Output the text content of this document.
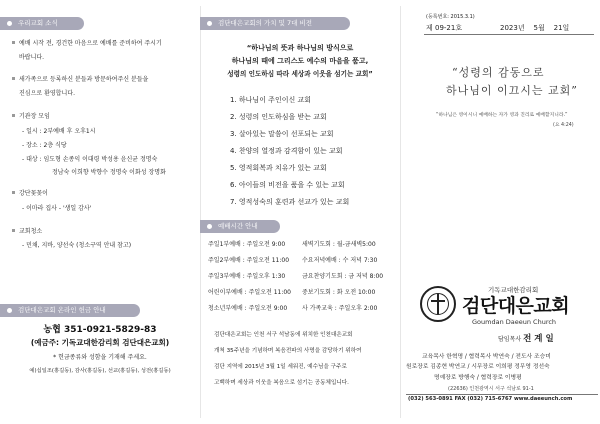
우리교회 소식
예배 시작 전, 경건한 마음으로 예배를 준비하여 주시기
바랍니다.
새가족으로 등록하신 분들과 방문하여주신 분들을
진심으로 환영합니다.
기관장 모임
- 일시 : 2부예배 후 오후1시
- 장소 : 2층 식당
- 대상 : 임도형 손종익 이대령 박성용 윤신균 정명숙
정남숙 이희향 박향수 정명숙 이화성 장명화
강단꽃꽂이
- 이마라 집사 - '생일 감사'
교회청소
- 민채, 지바, 양선숙 (청소구역 안내 참고)
검단대은교회 온라인 헌금 안내
농협 351-0921-5829-83
(예금주: 기독교대한감리회 검단대은교회)
* 헌금종류와 성함을 기재해 주세요.
예)십일조(홍길동), 감사(홍길동), 선교(홍길동), 성전(홍길동)
검단대은교회의 가치 및 7대 비전
“하나님의 뜻과 하나님의 방식으로
하나님의 때에 그리스도 예수의 마음을 품고,
성령의 인도하심 따라 세상과 이웃을 섬기는 교회”
1. 하나님이 주인이신 교회
2. 성령의 인도하심을 받는 교회
3. 살아있는 말씀이 선포되는 교회
4. 찬양의 열정과 감격함이 있는 교회
5. 영적회복과 치유가 있는 교회
6. 아이들의 비전을 품을 수 있는 교회
7. 영적성숙의 훈련과 선교가 있는 교회
예배시간 안내
주일1부예배 : 주일오전 9:00	새벽기도회 : 월-금새벽5:00
주일2부예배 : 주일오전 11:00 수요저녁예배 : 수 저녁 7:30
주일3부예배 : 주일오후 1:30	금요찬양기도회 : 금 저녁 8:00
어린이부예배 : 주일오전 11:00 중보기도회 : 화 오전 10:00
청소년부예배 : 주일오전 9:00 사 가족교육 : 주일오후 2:00
검단대은교회는 인천 서구 석남동에 위치한 인천대은교회
개척 35주년을 기념하며 복음전파의 사명을 감당하기 위하여
검단 지역에 2015년 3월 1일 세워진, 예수님을 구주로
고백하며 세상과 이웃을 복음으로 섬기는 공동체입니다.
(등록번호: 2015.3.1)
제 09-21호	2023년 5월 21일
“성령의 감동으로
하나님이 이끄시는 교회”
“하나님은 영이시니 예배하는 자가 영과 진리로 예배할지니라.”
(요 4:24)
기독교대한감리회
검단대은교회
Goumdan Daeeun Church
담임목사 전 계 일
교육목사 한혁명 / 협력목사 박연숙 / 전도사 조승미
원로장로 김종현 박연교 / 시무장로 이희평 정무영 정선숙
명예장로 방행숙 / 협력장로 이병평
(22636) 인천광역시 서구 석남로 91-1
(032) 563-0891 FAX (032) 715-6767 www.daeeunch.com
